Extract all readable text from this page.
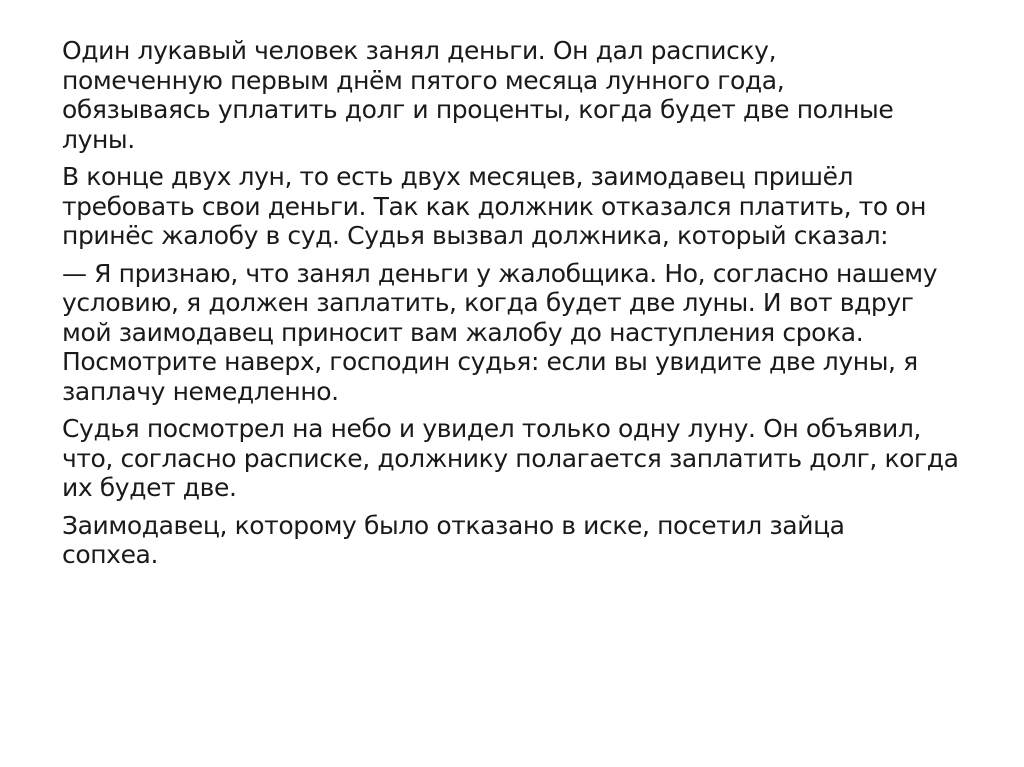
Один лукавый человек занял деньги. Он дал расписку,
помеченную первым днём пятого месяца лунного года,
обязываясь уплатить долг и проценты, когда будет две полные
луны.

В конце двух лун, то есть двух месяцев, заимодавец пришёл
требовать свои деньги. Так как должник отказался платить, то он
принёс жалобу в суд. Судья вызвал должника, который сказал:

— Я признаю, что занял деньги у жалобщика. Но, согласно нашему
условию, я должен заплатить, когда будет две луны. И вот вдруг
мой заимодавец приносит вам жалобу до наступления срока.
Посмотрите наверх, господин судья: если вы увидите две луны, я
заплачу немедленно.

Судья посмотрел на небо и увидел только одну луну. Он объявил,
что, согласно расписке, должнику полагается заплатить долг, когда
их будет две.

Заимодавец, которому было отказано в иске, посетил зайца
сопхеа.
